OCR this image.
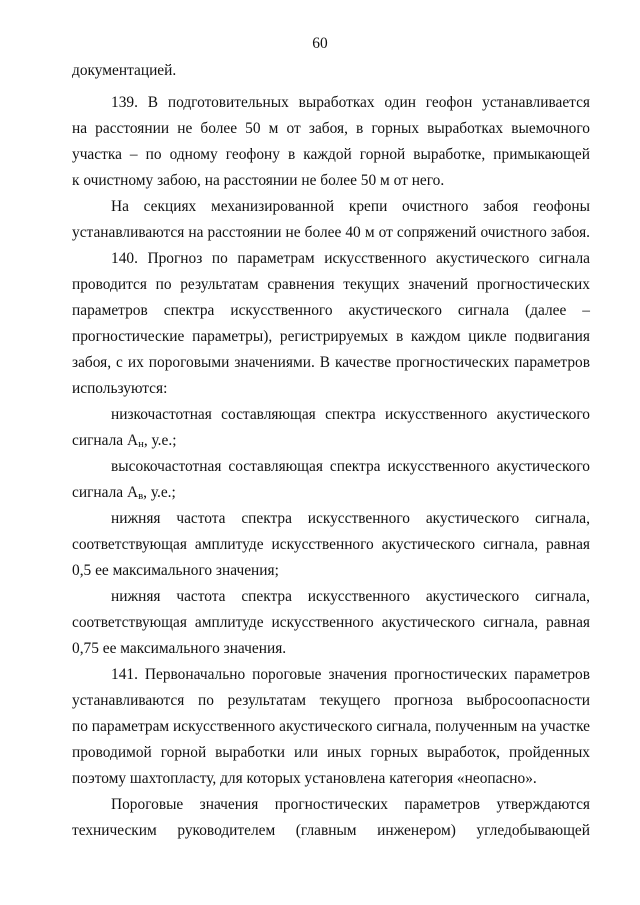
60
документацией.
139. В подготовительных выработках один геофон устанавливается
на расстоянии не более 50 м от забоя, в горных выработках выемочного
участка – по одному геофону в каждой горной выработке, примыкающей
к очистному забою, на расстоянии не более 50 м от него.
На секциях механизированной крепи очистного забоя геофоны
устанавливаются на расстоянии не более 40 м от сопряжений очистного забоя.
140. Прогноз по параметрам искусственного акустического сигнала
проводится по результатам сравнения текущих значений прогностических
параметров спектра искусственного акустического сигнала (далее –
прогностические параметры), регистрируемых в каждом цикле подвигания
забоя, с их пороговыми значениями. В качестве прогностических параметров
используются:
низкочастотная составляющая спектра искусственного акустического
сигнала $А_н$, у.е.;
высокочастотная составляющая спектра искусственного акустического
сигнала $А_в$, у.е.;
нижняя частота спектра искусственного акустического сигнала,
соответствующая амплитуде искусственного акустического сигнала, равная
0,5 ее максимального значения;
нижняя частота спектра искусственного акустического сигнала,
соответствующая амплитуде искусственного акустического сигнала, равная
0,75 ее максимального значения.
141. Первоначально пороговые значения прогностических параметров
устанавливаются по результатам текущего прогноза выбросоопасности
по параметрам искусственного акустического сигнала, полученным на участке
проводимой горной выработки или иных горных выработок, пройденных
поэтому шахтопласту, для которых установлена категория «неопасно».
Пороговые значения прогностических параметров утверждаются
техническим руководителем (главным инженером) угледобывающей
